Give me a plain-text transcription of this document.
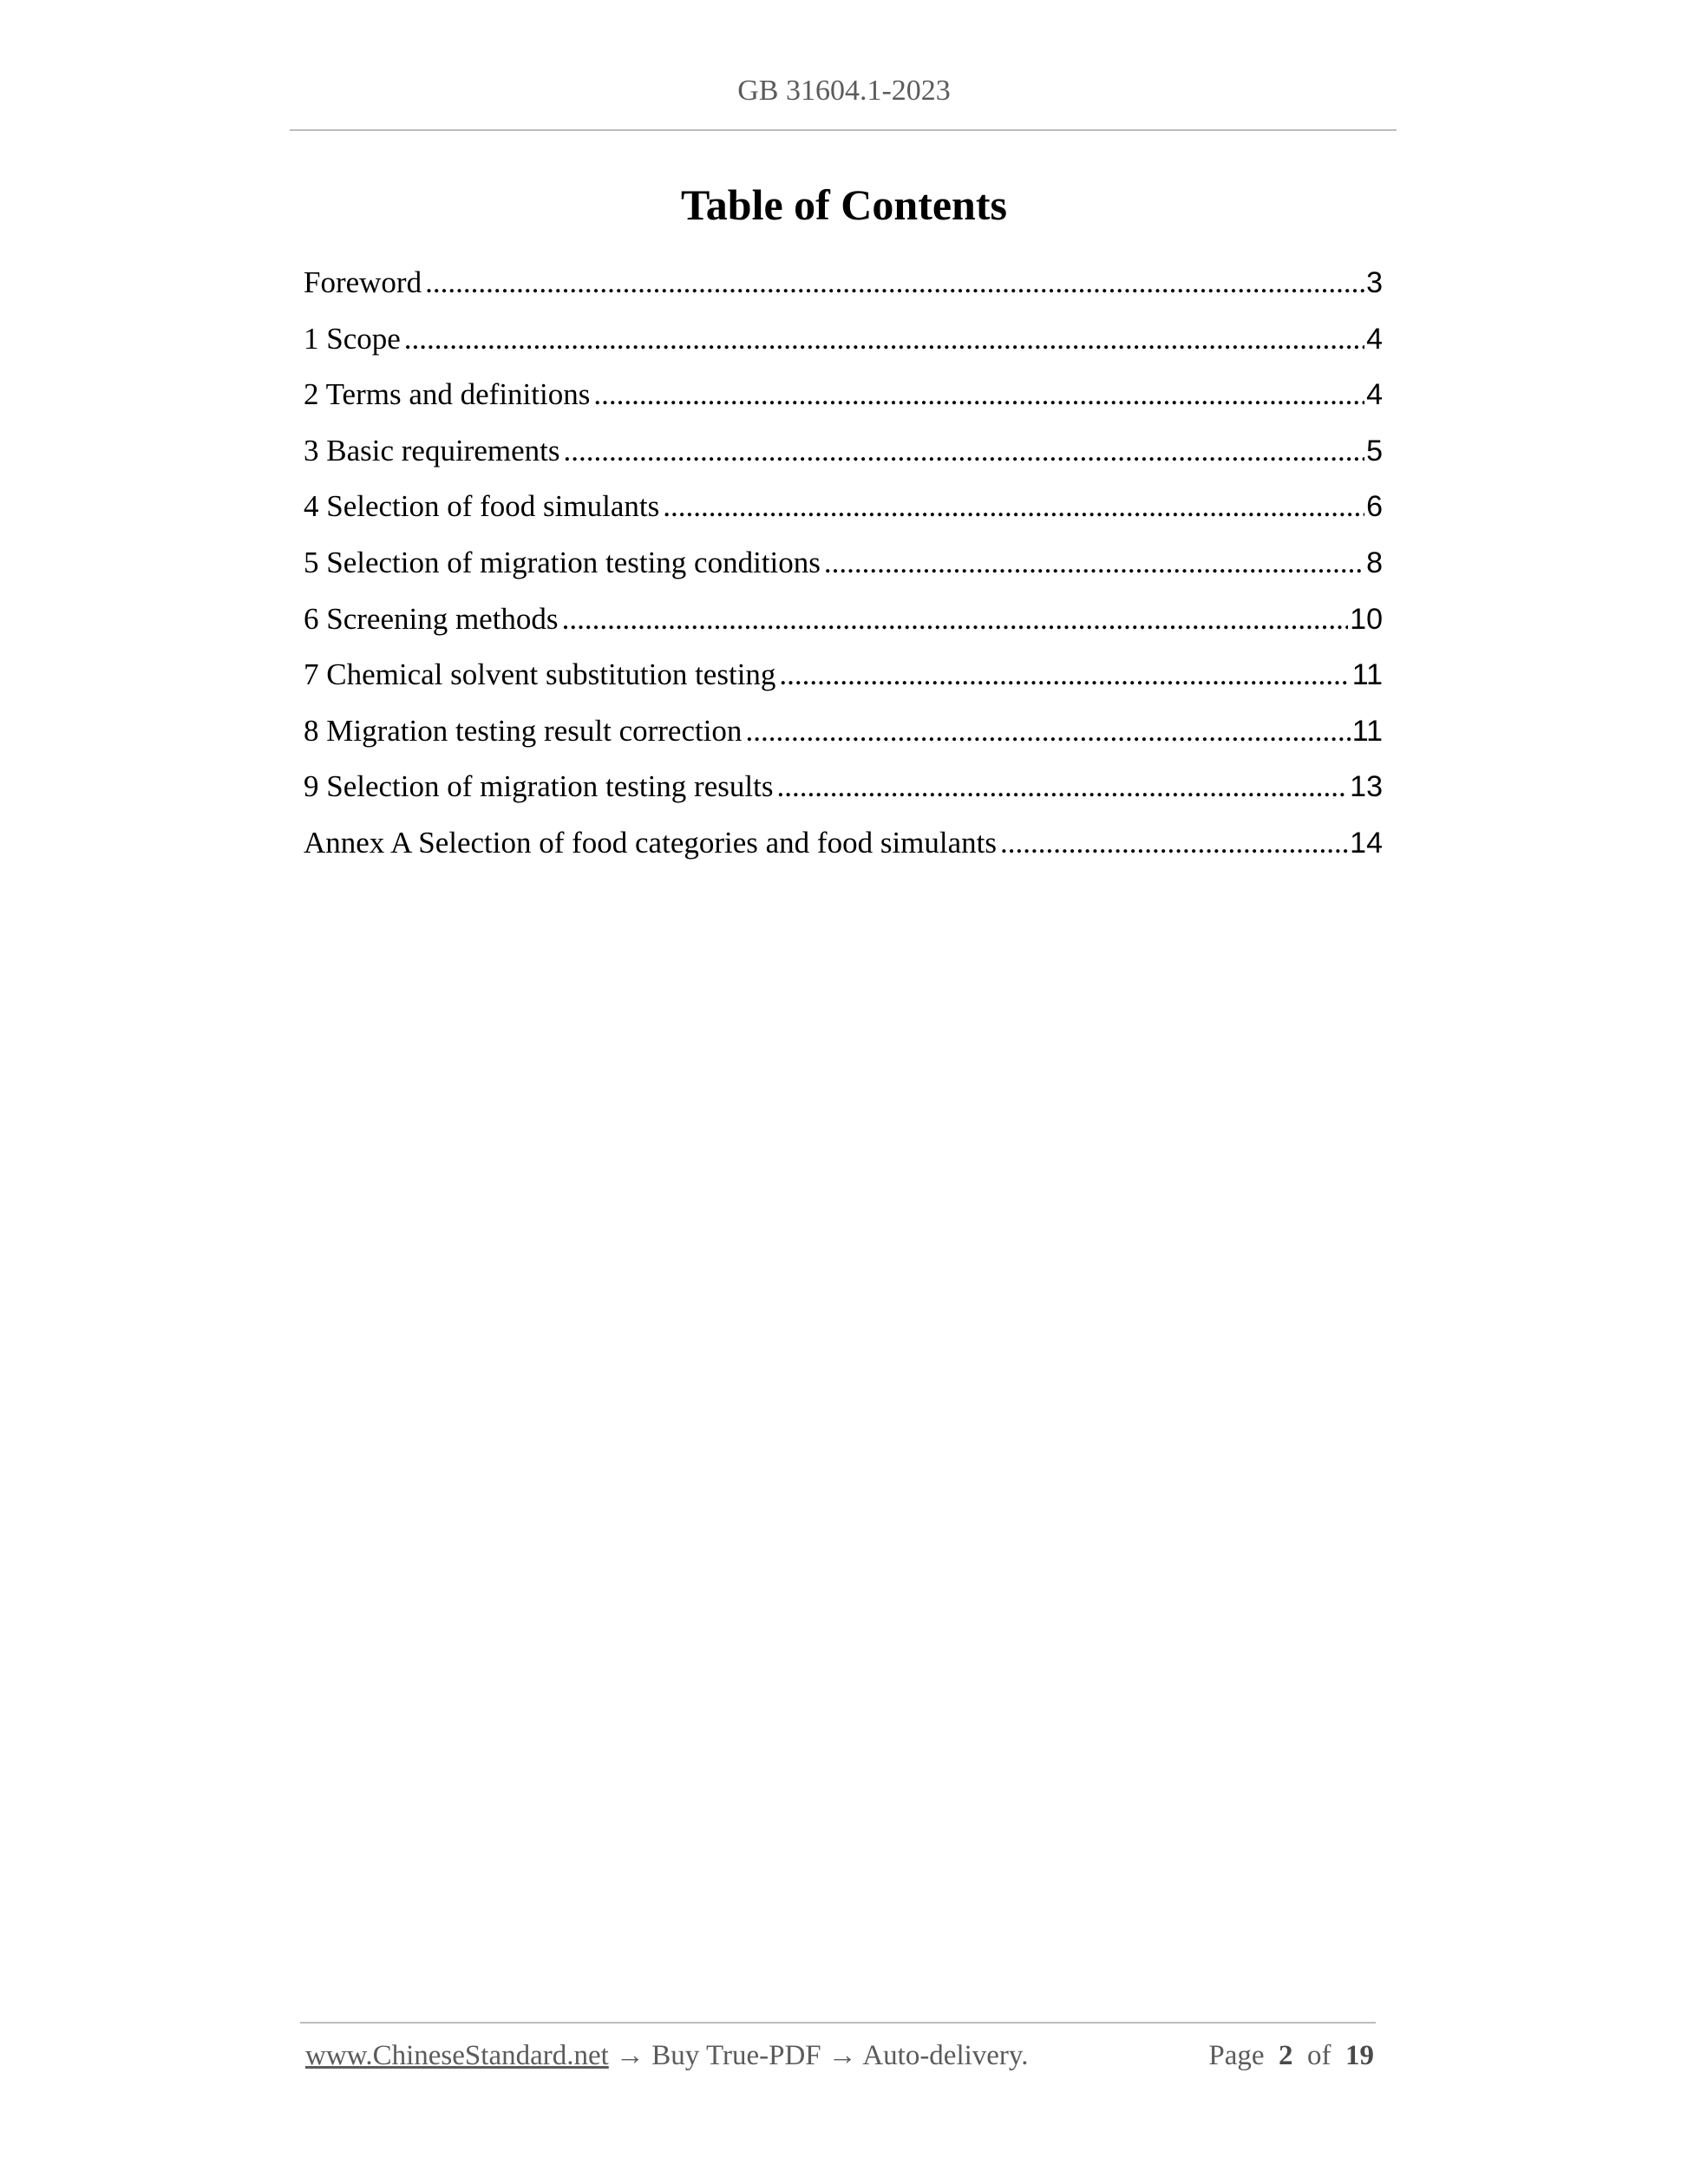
GB 31604.1-2023
Table of Contents
Foreword .....	3
1 Scope .....	4
2 Terms and definitions .....	4
3 Basic requirements .....	5
4 Selection of food simulants .....	6
5 Selection of migration testing conditions .....	8
6 Screening methods .....	10
7 Chemical solvent substitution testing .....	11
8 Migration testing result correction .....	11
9 Selection of migration testing results .....	13
Annex A Selection of food categories and food simulants .....	14
www.ChineseStandard.net → Buy True-PDF → Auto-delivery.	Page 2 of 19
